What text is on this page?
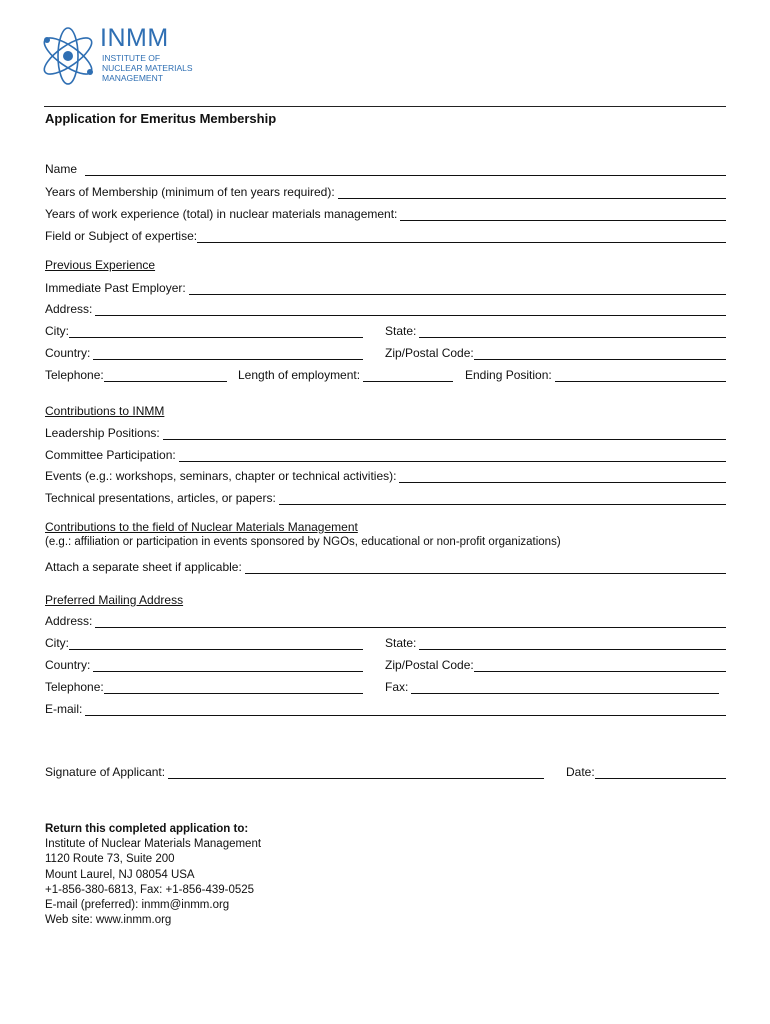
INMM
INSTITUTE OF
NUCLEAR MATERIALS
MANAGEMENT
Application for Emeritus Membership
Name
Years of Membership (minimum of ten years required):
Years of work experience (total) in nuclear materials management:
Field or Subject of expertise:
Previous Experience
Immediate Past Employer:
Address:
City:	State:
Country:	Zip/Postal Code:
Telephone:	Length of employment:	Ending Position:
Contributions to INMM
Leadership Positions:
Committee Participation:
Events (e.g.: workshops, seminars, chapter or technical activities):
Technical presentations, articles, or papers:
Contributions to the field of Nuclear Materials Management
(e.g.: affiliation or participation in events sponsored by NGOs, educational or non-profit organizations)
Attach a separate sheet if applicable:
Preferred Mailing Address
Address:
City:	State:
Country:	Zip/Postal Code:
Telephone:	Fax:
E-mail:
Signature of Applicant:	Date:
Return this completed application to:
Institute of Nuclear Materials Management
1120 Route 73, Suite 200
Mount Laurel, NJ 08054 USA
+1-856-380-6813, Fax: +1-856-439-0525
E-mail (preferred): inmm@inmm.org
Web site: www.inmm.org
